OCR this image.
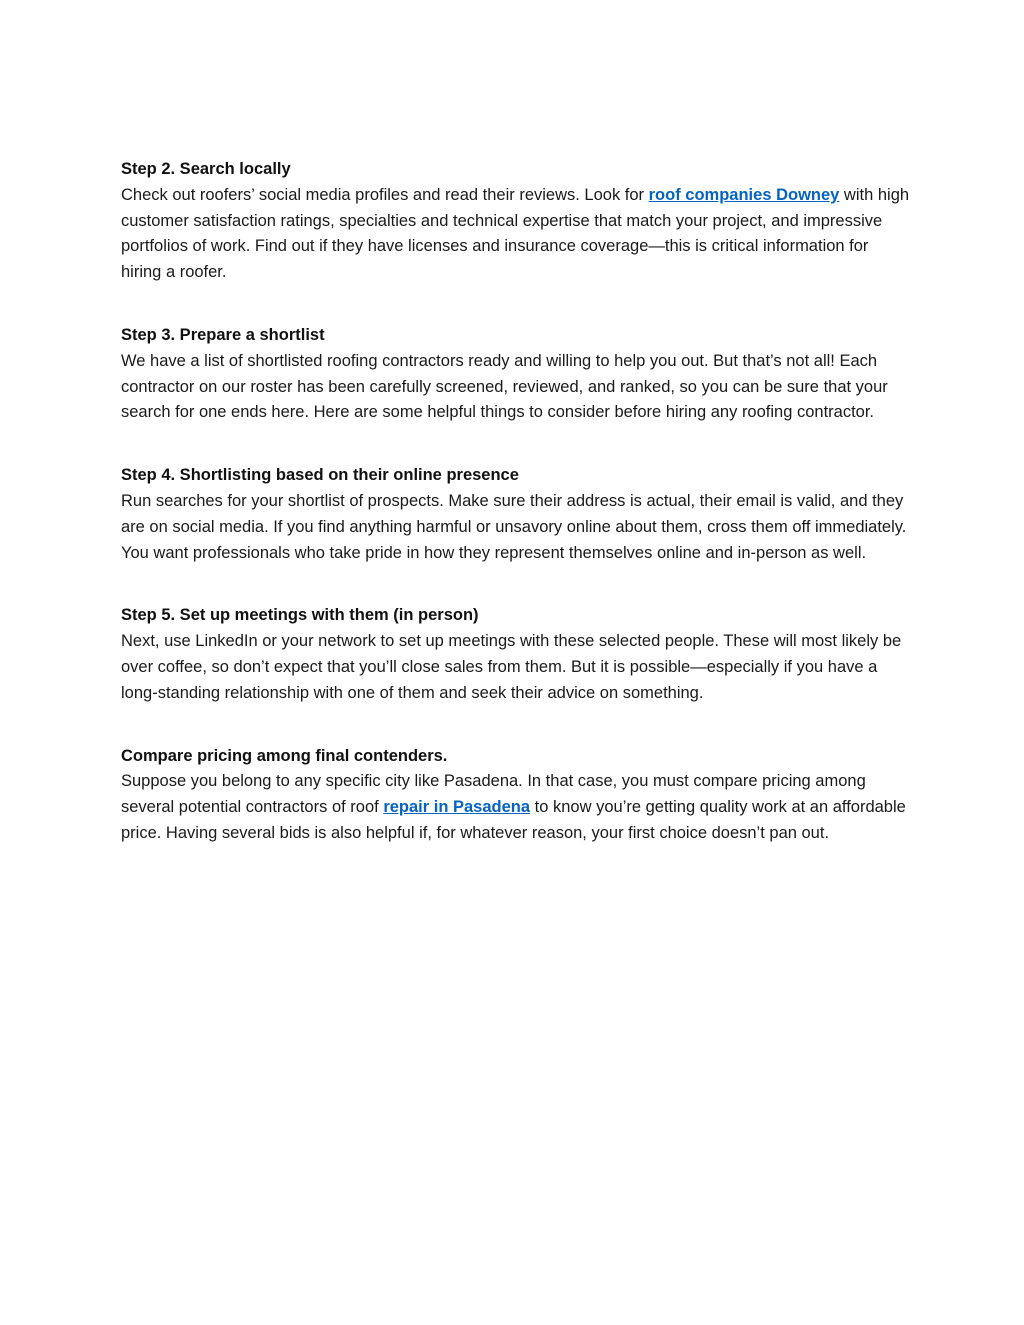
Step 2. Search locally

Check out roofers’ social media profiles and read their reviews. Look for roof companies Downey with high customer satisfaction ratings, specialties and technical expertise that match your project, and impressive portfolios of work. Find out if they have licenses and insurance coverage—this is critical information for hiring a roofer.

Step 3. Prepare a shortlist

We have a list of shortlisted roofing contractors ready and willing to help you out. But that’s not all! Each contractor on our roster has been carefully screened, reviewed, and ranked, so you can be sure that your search for one ends here. Here are some helpful things to consider before hiring any roofing contractor.

Step 4. Shortlisting based on their online presence

Run searches for your shortlist of prospects. Make sure their address is actual, their email is valid, and they are on social media. If you find anything harmful or unsavory online about them, cross them off immediately. You want professionals who take pride in how they represent themselves online and in-person as well.

Step 5. Set up meetings with them (in person)

Next, use LinkedIn or your network to set up meetings with these selected people. These will most likely be over coffee, so don’t expect that you’ll close sales from them. But it is possible—especially if you have a long-standing relationship with one of them and seek their advice on something.

Compare pricing among final contenders.

Suppose you belong to any specific city like Pasadena. In that case, you must compare pricing among several potential contractors of roof repair in Pasadena to know you’re getting quality work at an affordable price. Having several bids is also helpful if, for whatever reason, your first choice doesn’t pan out.
